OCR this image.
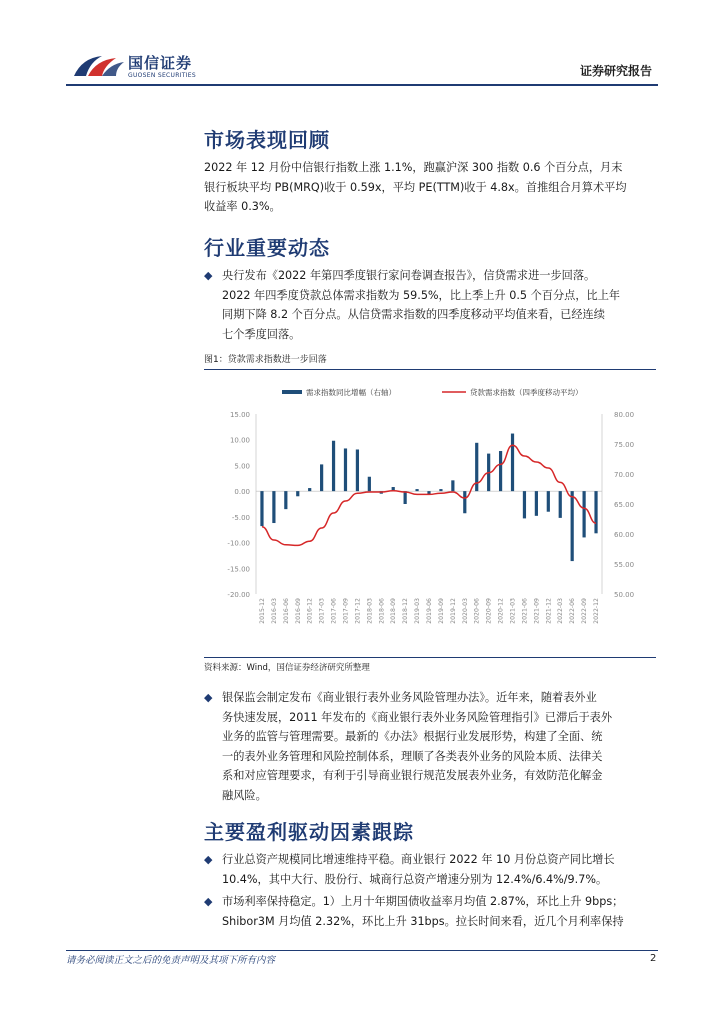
国信证券
GUOSEN SECURITIES	证券研究报告
市场表现回顾
2022 年 12 月份中信银行指数上涨 1.1%，跑赢沪深 300 指数 0.6 个百分点，月末
银行板块平均 PB(MRQ)收于 0.59x，平均 PE(TTM)收于 4.8x。首推组合月算术平均
收益率 0.3%。
行业重要动态
◆ 央行发布《2022 年第四季度银行家问卷调查报告》，信贷需求进一步回落。
2022 年四季度贷款总体需求指数为 59.5%，比上季上升 0.5 个百分点，比上年
同期下降 8.2 个百分点。从信贷需求指数的四季度移动平均值来看，已经连续
七个季度回落。
图1：贷款需求指数进一步回落
需求指数同比增幅（右轴）	贷款需求指数（四季度移动平均）
15.00
10.00
5.00
0.00
-5.00
-10.00
-15.00
-20.00
80.00
75.00
70.00
65.00
60.00
55.00
50.00
2015-12 2016-03 2016-06 2016-09 2016-12 2017-03 2017-06 2017-09 2017-12 2018-03 2018-06 2018-09 2018-12 2019-03 2019-06 2019-09 2019-12 2020-03 2020-06 2020-09 2020-12 2021-03 2021-06 2021-09 2021-12 2022-03 2022-06 2022-09 2022-12
资料来源：Wind，国信证券经济研究所整理
◆ 银保监会制定发布《商业银行表外业务风险管理办法》。近年来，随着表外业
务快速发展，2011 年发布的《商业银行表外业务风险管理指引》已滞后于表外
业务的监管与管理需要。最新的《办法》根据行业发展形势，构建了全面、统
一的表外业务管理和风险控制体系，理顺了各类表外业务的风险本质、法律关
系和对应管理要求，有利于引导商业银行规范发展表外业务，有效防范化解金
融风险。
主要盈利驱动因素跟踪
◆ 行业总资产规模同比增速维持平稳。商业银行 2022 年 10 月份总资产同比增长
10.4%，其中大行、股份行、城商行总资产增速分别为 12.4%/6.4%/9.7%。
◆ 市场利率保持稳定。1）上月十年期国债收益率月均值 2.87%，环比上升 9bps；
Shibor3M 月均值 2.32%，环比上升 31bps。拉长时间来看，近几个月利率保持
请务必阅读正文之后的免责声明及其项下所有内容	2
